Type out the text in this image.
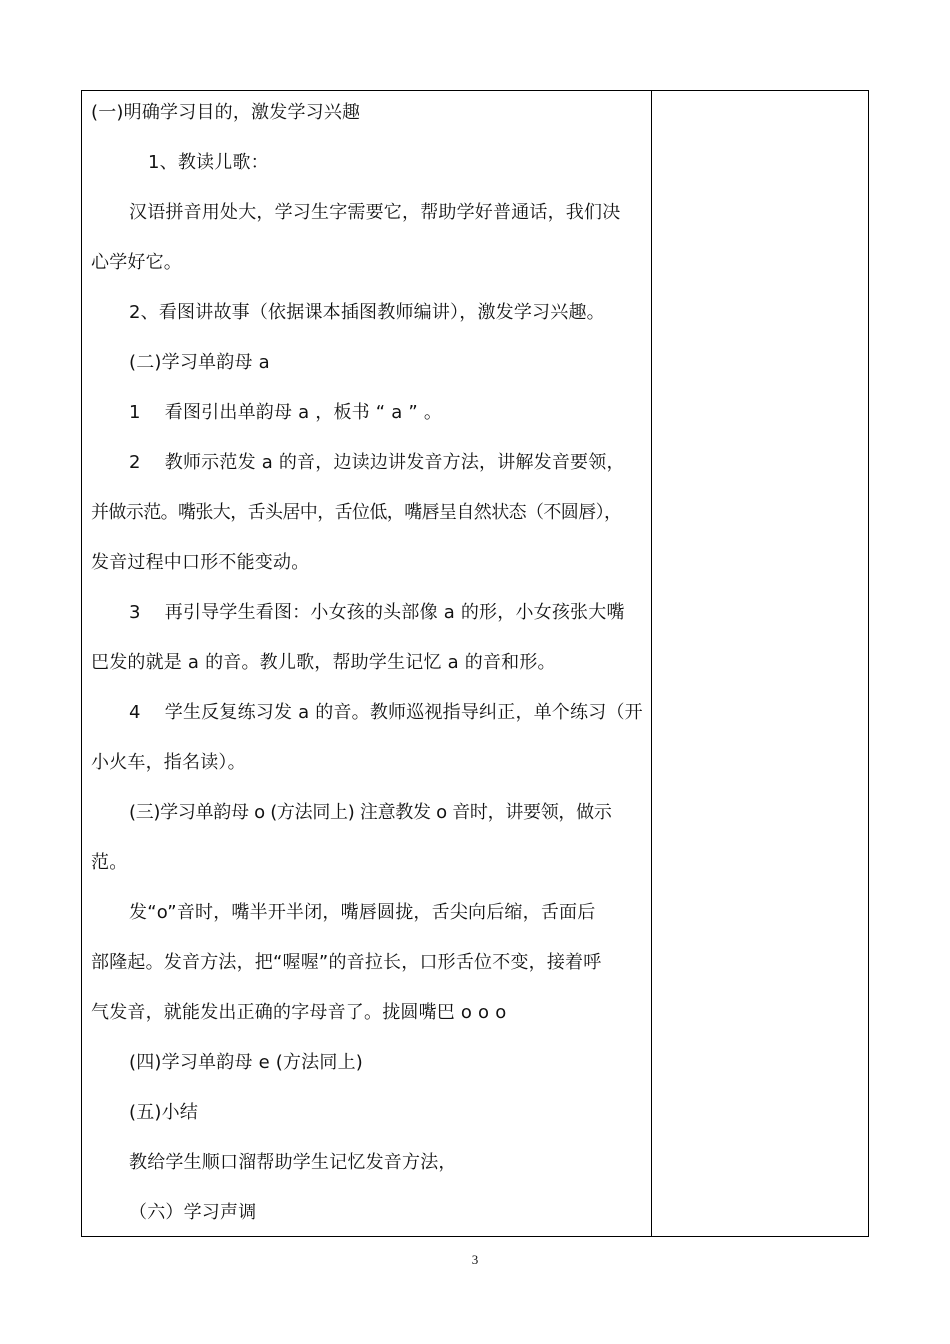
(一)明确学习目的，激发学习兴趣
1、教读儿歌：
汉语拼音用处大，学习生字需要它，帮助学好普通话，我们决
心学好它。
2、看图讲故事（依据课本插图教师编讲），激发学习兴趣。
(二)学习单韵母 a
1　 看图引出单韵母 a ，板书 “ a ” 。
2　 教师示范发 a 的音，边读边讲发音方法，讲解发音要领，
并做示范。嘴张大，舌头居中，舌位低，嘴唇呈自然状态（不圆唇），
发音过程中口形不能变动。
3　 再引导学生看图：小女孩的头部像 a 的形，小女孩张大嘴
巴发的就是 a 的音。教儿歌，帮助学生记忆 a 的音和形。
4　 学生反复练习发 a 的音。教师巡视指导纠正，单个练习（开
小火车，指名读）。
(三)学习单韵母 o (方法同上) 注意教发 o 音时，讲要领，做示
范。
发“o”音时，嘴半开半闭，嘴唇圆拢，舌尖向后缩，舌面后
部隆起。发音方法，把“喔喔”的音拉长，口形舌位不变，接着呼
气发音，就能发出正确的字母音了。拢圆嘴巴 o o o
(四)学习单韵母 e (方法同上)
(五)小结
教给学生顺口溜帮助学生记忆发音方法，
（六）学习声调
3
